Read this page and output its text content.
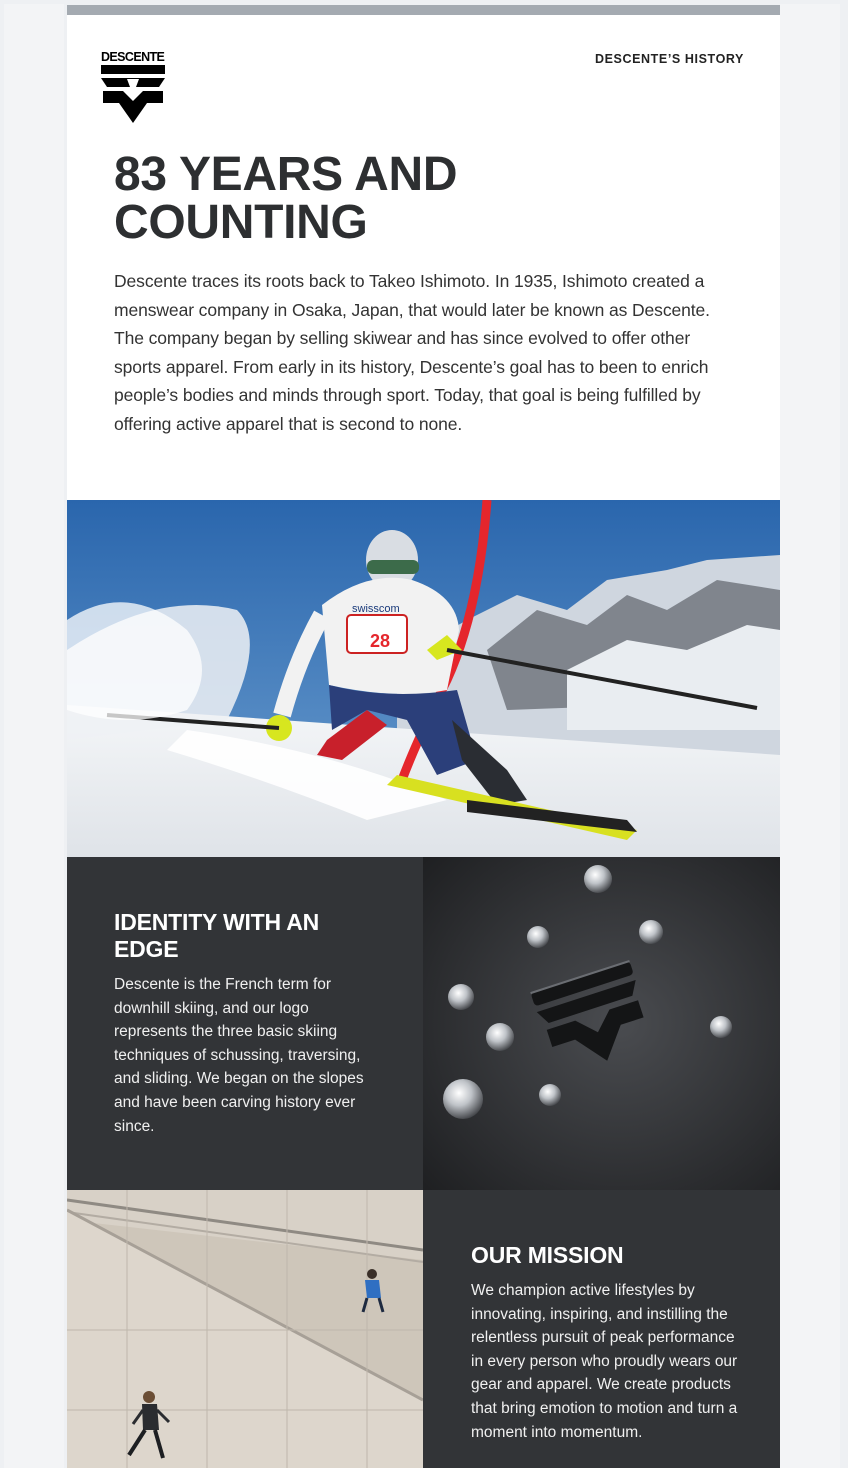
DESCENTE	DESCENTE’S HISTORY
83 YEARS AND COUNTING

Descente traces its roots back to Takeo Ishimoto. In 1935, Ishimoto created a menswear company in Osaka, Japan, that would later be known as Descente. The company began by selling skiwear and has since evolved to offer other sports apparel. From early in its history, Descente’s goal has to been to enrich people’s bodies and minds through sport. Today, that goal is being fulfilled by offering active apparel that is second to none.

28
swisscom
IDENTITY WITH AN EDGE

Descente is the French term for downhill skiing, and our logo represents the three basic skiing techniques of schussing, traversing, and sliding. We began on the slopes and have been carving history ever since.

OUR MISSION

We champion active lifestyles by innovating, inspiring, and instilling the relentless pursuit of peak performance in every person who proudly wears our gear and apparel. We create products that bring emotion to motion and turn a moment into momentum.
